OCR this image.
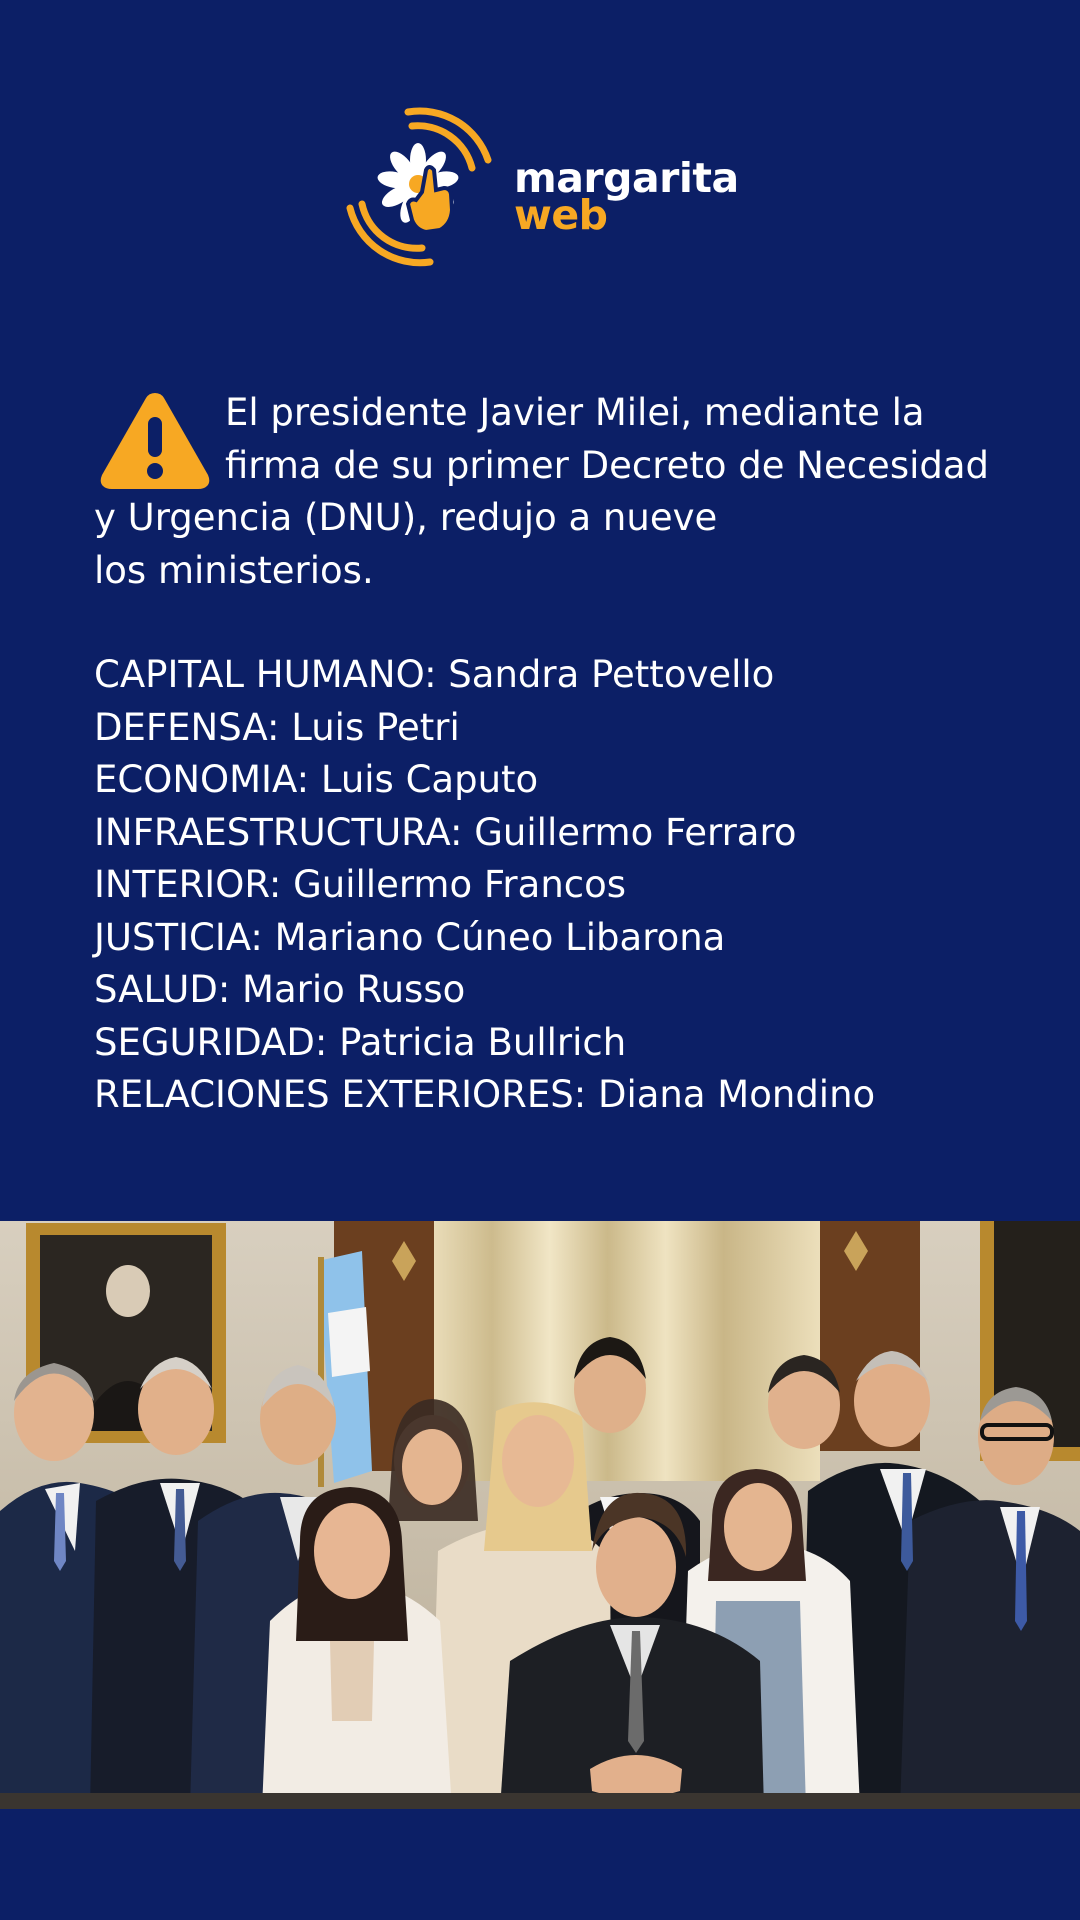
margarita
web

El presidente Javier Milei, mediante la
firma de su primer Decreto de Necesidad
y Urgencia (DNU), redujo a nueve
los ministerios.

CAPITAL HUMANO: Sandra Pettovello
DEFENSA: Luis Petri
ECONOMIA: Luis Caputo
INFRAESTRUCTURA: Guillermo Ferraro
INTERIOR: Guillermo Francos
JUSTICIA: Mariano Cúneo Libarona
SALUD: Mario Russo
SEGURIDAD: Patricia Bullrich
RELACIONES EXTERIORES: Diana Mondino
